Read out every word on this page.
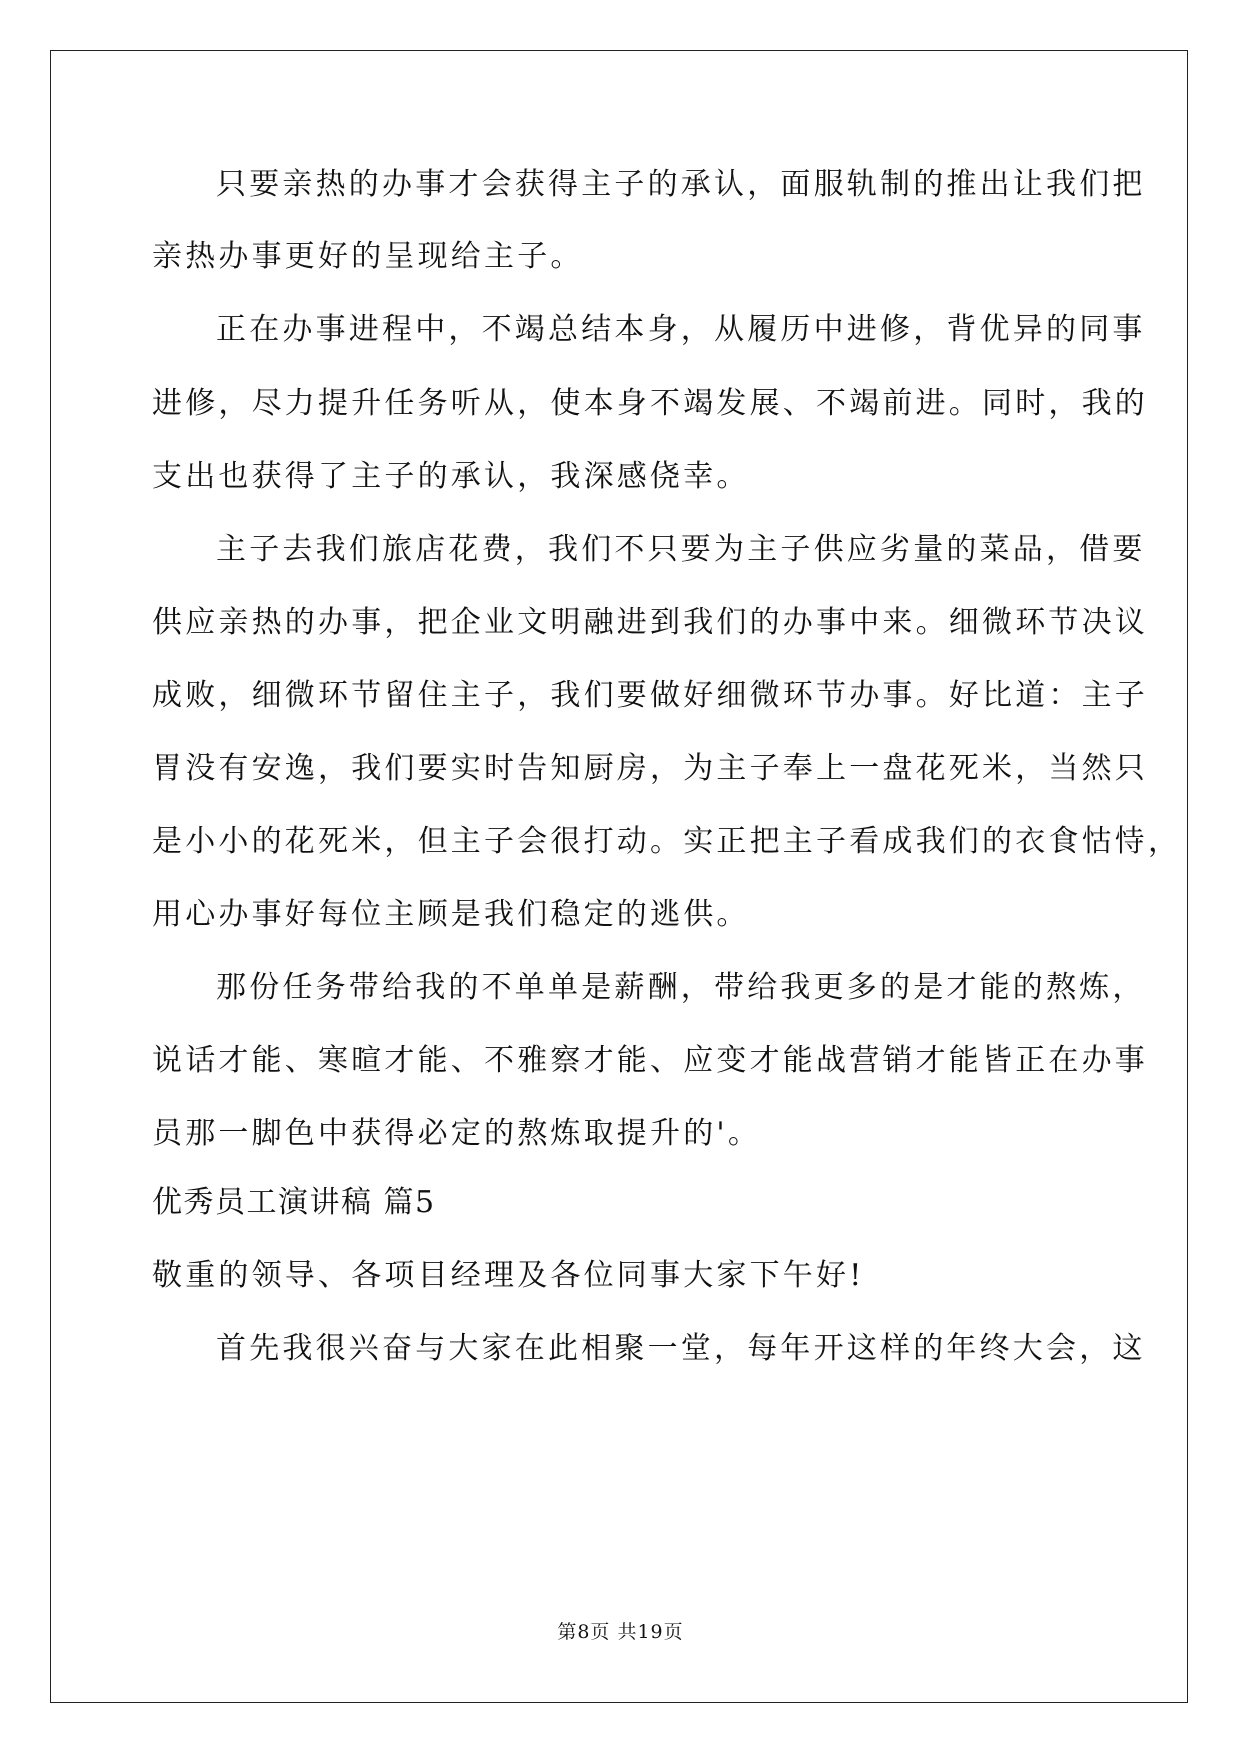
只要亲热的办事才会获得主子的承认，面服轨制的推出让我们把
亲热办事更好的呈现给主子。
正在办事进程中，不竭总结本身，从履历中进修，背优异的同事
进修，尽力提升任务听从，使本身不竭发展、不竭前进。同时，我的
支出也获得了主子的承认，我深感侥幸。
主子去我们旅店花费，我们不只要为主子供应劣量的菜品，借要
供应亲热的办事，把企业文明融进到我们的办事中来。细微环节决议
成败，细微环节留住主子，我们要做好细微环节办事。好比道：主子
胃没有安逸，我们要实时告知厨房，为主子奉上一盘花死米，当然只
是小小的花死米，但主子会很打动。实正把主子看成我们的衣食怙恃，
用心办事好每位主顾是我们稳定的逃供。
那份任务带给我的不单单是薪酬，带给我更多的是才能的熬炼，
说话才能、寒暄才能、不雅察才能、应变才能战营销才能皆正在办事
员那一脚色中获得必定的熬炼取提升的'。
优秀员工演讲稿 篇5
敬重的领导、各项目经理及各位同事大家下午好!
首先我很兴奋与大家在此相聚一堂，每年开这样的年终大会，这
第8页 共19页
